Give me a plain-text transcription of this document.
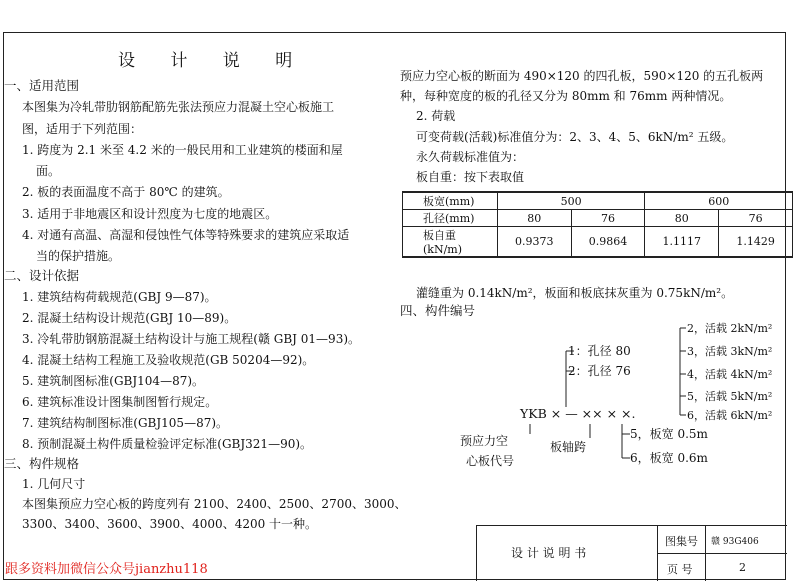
设 计 说 明
一、适用范围
本图集为冷轧带肋钢筋配筋先张法预应力混凝土空心板施工
图，适用于下列范围：
1. 跨度为 2.1 米至 4.2 米的一般民用和工业建筑的楼面和屋
面。
2. 板的表面温度不高于 80℃ 的建筑。
3. 适用于非地震区和设计烈度为七度的地震区。
4. 对通有高温、高湿和侵蚀性气体等特殊要求的建筑应采取适
当的保护措施。
二、设计依据
1. 建筑结构荷载规范(GBJ 9—87)。
2. 混凝土结构设计规范(GBJ 10—89)。
3. 冷轧带肋钢筋混凝土结构设计与施工规程(赣 GBJ 01—93)。
4. 混凝土结构工程施工及验收规范(GB 50204—92)。
5. 建筑制图标准(GBJ104—87)。
6. 建筑标准设计图集制图暂行规定。
7. 建筑结构制图标准(GBJ105—87)。
8. 预制混凝土构件质量检验评定标准(GBJ321—90)。
三、构件规格
1. 几何尺寸
本图集预应力空心板的跨度列有 2100、2400、2500、2700、3000、
3300、3400、3600、3900、4000、4200 十一种。
预应力空心板的断面为 490×120 的四孔板，590×120 的五孔板两
种，每种宽度的板的孔径又分为 80mm 和 76mm 两种情况。
2. 荷载
可变荷载(活载)标准值分为：2、3、4、5、6kN/m² 五级。
永久荷载标准值为：
板自重：按下表取值
板宽(mm)	500		600	
孔径(mm)	80	76	80	76
板自重(kN/m)	0.9373	0.9864	1.1117	1.1429
灌缝重为 0.14kN/m²，板面和板底抹灰重为 0.75kN/m²。
四、构件编号
1：孔径 80
2：孔径 76
2，活载 2kN/m²
3，活载 3kN/m²
4，活载 4kN/m²
5，活载 5kN/m²
6，活载 6kN/m²
YKB × — ×× × ×.
预应力空
心板代号
板轴跨
5，板宽 0.5m
6，板宽 0.6m
设 计 说 明 书
图集号 赣 93G406
页 号	2
跟多资料加微信公众号jianzhu118
